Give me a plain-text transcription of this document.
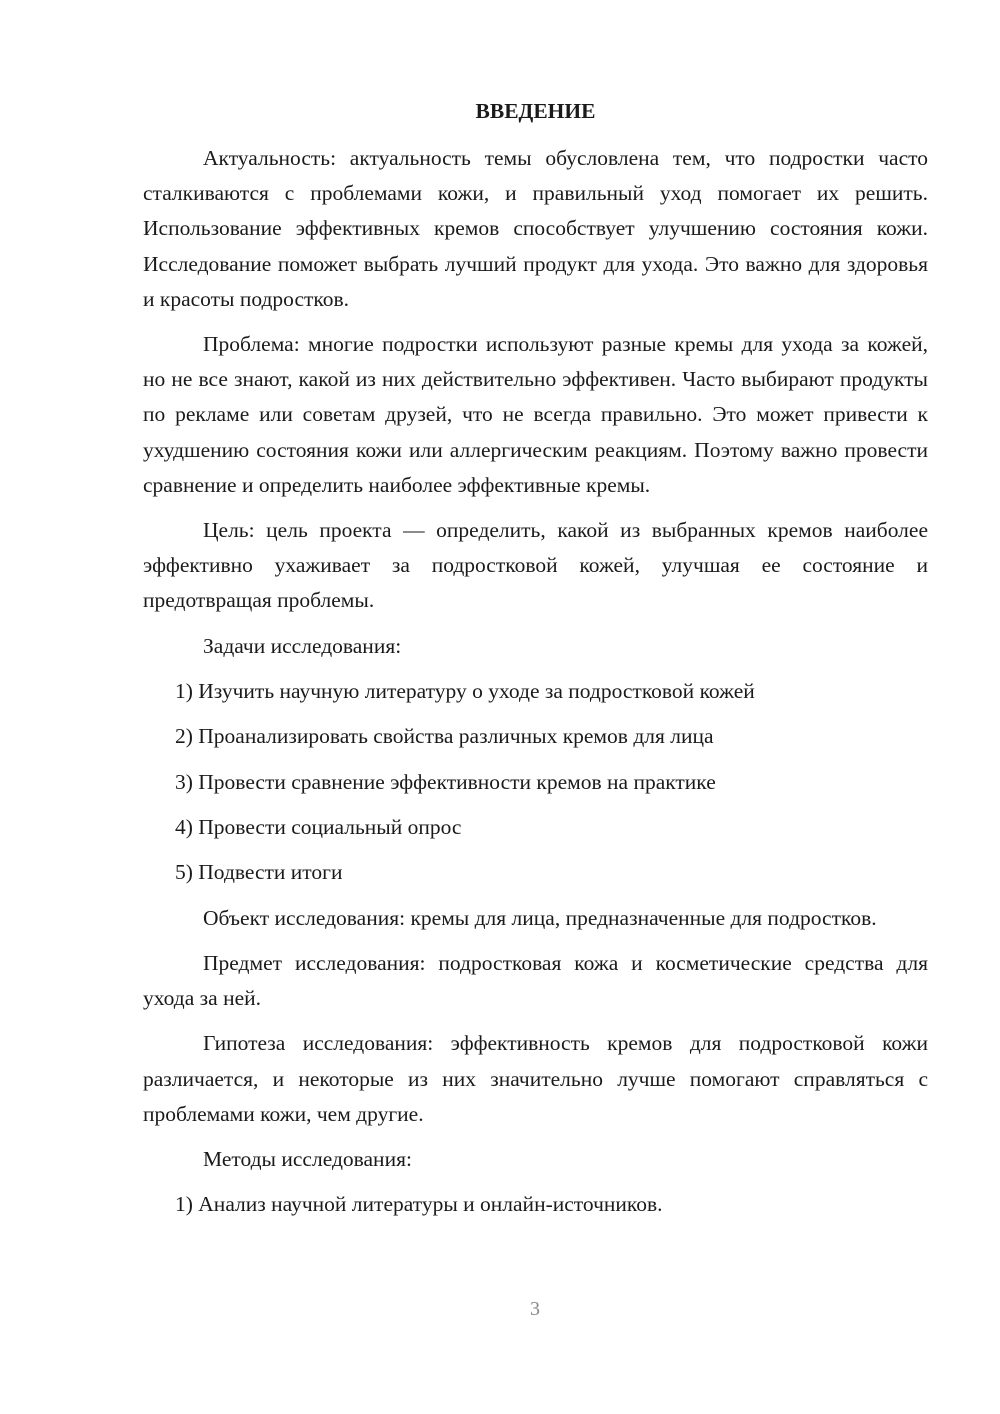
ВВЕДЕНИЕ

Актуальность: актуальность темы обусловлена тем, что подростки часто сталкиваются с проблемами кожи, и правильный уход помогает их решить. Использование эффективных кремов способствует улучшению состояния кожи. Исследование поможет выбрать лучший продукт для ухода. Это важно для здоровья и красоты подростков.

Проблема: многие подростки используют разные кремы для ухода за кожей, но не все знают, какой из них действительно эффективен. Часто выбирают продукты по рекламе или советам друзей, что не всегда правильно. Это может привести к ухудшению состояния кожи или аллергическим реакциям. Поэтому важно провести сравнение и определить наиболее эффективные кремы.

Цель: цель проекта — определить, какой из выбранных кремов наиболее эффективно ухаживает за подростковой кожей, улучшая ее состояние и предотвращая проблемы.

Задачи исследования:

1) Изучить научную литературу о уходе за подростковой кожей
2) Проанализировать свойства различных кремов для лица
3) Провести сравнение эффективности кремов на практике
4) Провести социальный опрос
5) Подвести итоги

Объект исследования: кремы для лица, предназначенные для подростков.

Предмет исследования: подростковая кожа и косметические средства для ухода за ней.

Гипотеза исследования: эффективность кремов для подростковой кожи различается, и некоторые из них значительно лучше помогают справляться с проблемами кожи, чем другие.

Методы исследования:

1) Анализ научной литературы и онлайн-источников.
3
